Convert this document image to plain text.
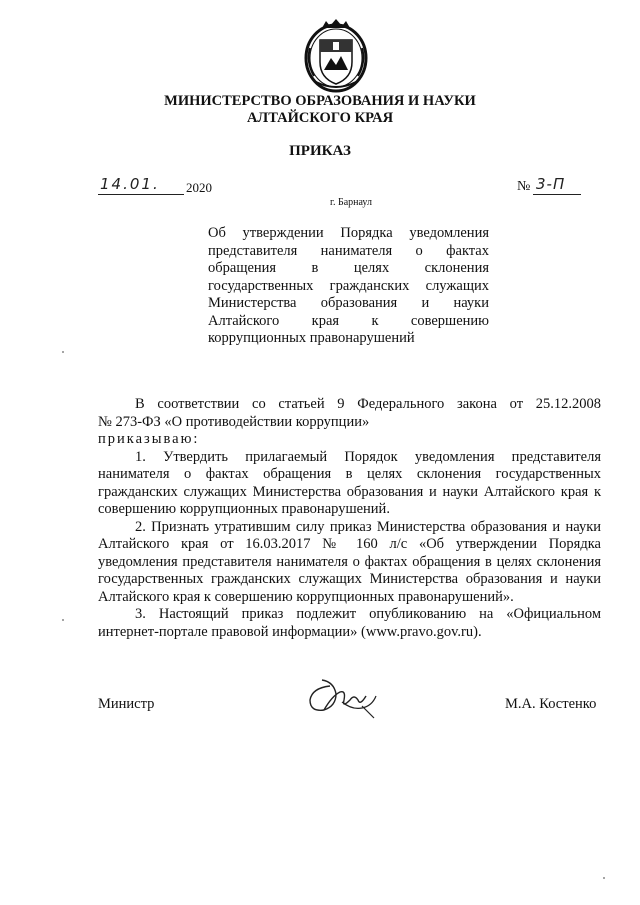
МИНИСТЕРСТВО ОБРАЗОВАНИЯ И НАУКИ
АЛТАЙСКОГО КРАЯ
ПРИКАЗ
14.01. 2020	№ 3-П
г. Барнаул
Об утверждении Порядка уведомления представителя нанимателя о фактах обращения в целях склонения государственных гражданских служащих Министерства образования и науки Алтайского края к совершению коррупционных правонарушений

В соответствии со статьей 9 Федерального закона от 25.12.2008

№ 273-ФЗ «О противодействии коррупции»

приказываю:

1. Утвердить прилагаемый Порядок уведомления представителя нанимателя о фактах обращения в целях склонения государственных гражданских служащих Министерства образования и науки Алтайского края к совершению коррупционных правонарушений.

2. Признать утратившим силу приказ Министерства образования и науки Алтайского края от 16.03.2017 № 160 л/с «Об утверждении Порядка уведомления представителя нанимателя о фактах обращения в целях склонения государственных гражданских служащих Министерства образования и науки Алтайского края к совершению коррупционных правонарушений».

3. Настоящий приказ подлежит опубликованию на «Официальном интернет-портале правовой информации» (www.pravo.gov.ru).

Министр	М.А. Костенко
